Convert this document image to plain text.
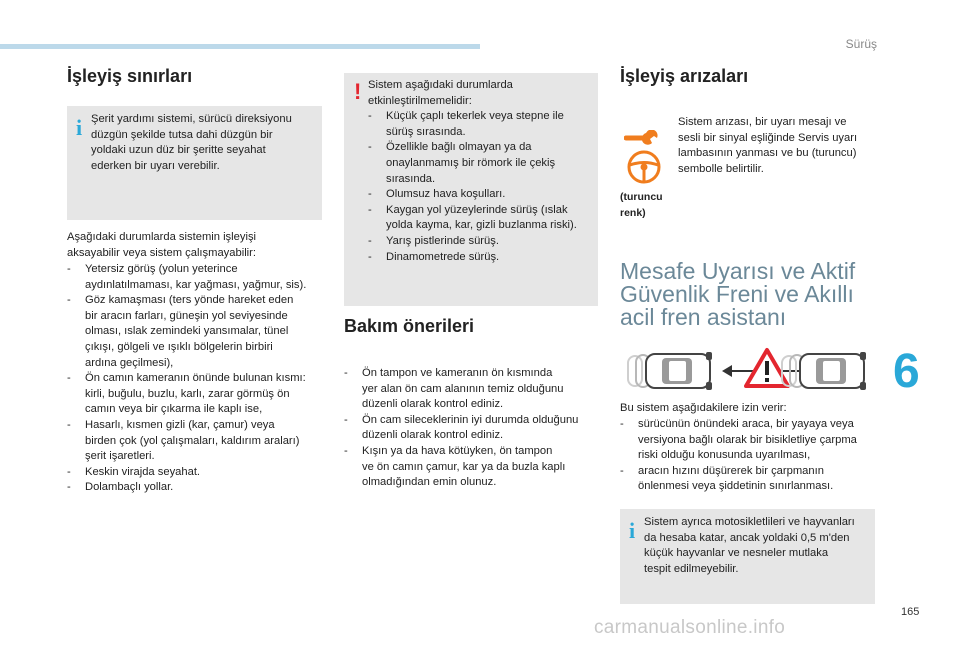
Sürüş
İşleyiş sınırları
i Şerit yardımı sistemi, sürücü direksiyonu
düzgün şekilde tutsa dahi düzgün bir
yoldaki uzun düz bir şeritte seyahat
ederken bir uyarı verebilir.
Aşağıdaki durumlarda sistemin işleyişi
aksayabilir veya sistem çalışmayabilir:
- Yetersiz görüş (yolun yeterince
aydınlatılmaması, kar yağması, yağmur, sis).
- Göz kamaşması (ters yönde hareket eden
bir aracın farları, güneşin yol seviyesinde
olması, ıslak zemindeki yansımalar, tünel
çıkışı, gölgeli ve ışıklı bölgelerin birbiri
ardına geçilmesi),
- Ön camın kameranın önünde bulunan kısmı:
kirli, buğulu, buzlu, karlı, zarar görmüş ön
camın veya bir çıkarma ile kaplı ise,
- Hasarlı, kısmen gizli (kar, çamur) veya
birden çok (yol çalışmaları, kaldırım araları)
şerit işaretleri.
- Keskin virajda seyahat.
- Dolambaçlı yollar.
! Sistem aşağıdaki durumlarda
etkinleştirilmemelidir:
- Küçük çaplı tekerlek veya stepne ile
sürüş sırasında.
- Özellikle bağlı olmayan ya da
onaylanmamış bir römork ile çekiş
sırasında.
- Olumsuz hava koşulları.
- Kaygan yol yüzeylerinde sürüş (ıslak
yolda kayma, kar, gizli buzlanma riski).
- Yarış pistlerinde sürüş.
- Dinamometrede sürüş.
Bakım önerileri
- Ön tampon ve kameranın ön kısmında
yer alan ön cam alanının temiz olduğunu
düzenli olarak kontrol ediniz.
- Ön cam sileceklerinin iyi durumda olduğunu
düzenli olarak kontrol ediniz.
- Kışın ya da hava kötüyken, ön tampon
ve ön camın çamur, kar ya da buzla kaplı
olmadığından emin olunuz.
İşleyiş arızaları
(turuncu
renk)
Sistem arızası, bir uyarı mesajı ve
sesli bir sinyal eşliğinde Servis uyarı
lambasının yanması ve bu (turuncu)
sembolle belirtilir.
Mesafe Uyarısı ve Aktif
Güvenlik Freni ve Akıllı
acil fren asistanı
Bu sistem aşağıdakilere izin verir:
- sürücünün önündeki araca, bir yayaya veya
versiyona bağlı olarak bir bisikletliye çarpma
riski olduğu konusunda uyarılması,
- aracın hızını düşürerek bir çarpmanın
önlenmesi veya şiddetinin sınırlanması.
i Sistem ayrıca motosikletlileri ve hayvanları
da hesaba katar, ancak yoldaki 0,5 m'den
küçük hayvanlar ve nesneler mutlaka
tespit edilmeyebilir.
6
165
carmanualsonline.info
